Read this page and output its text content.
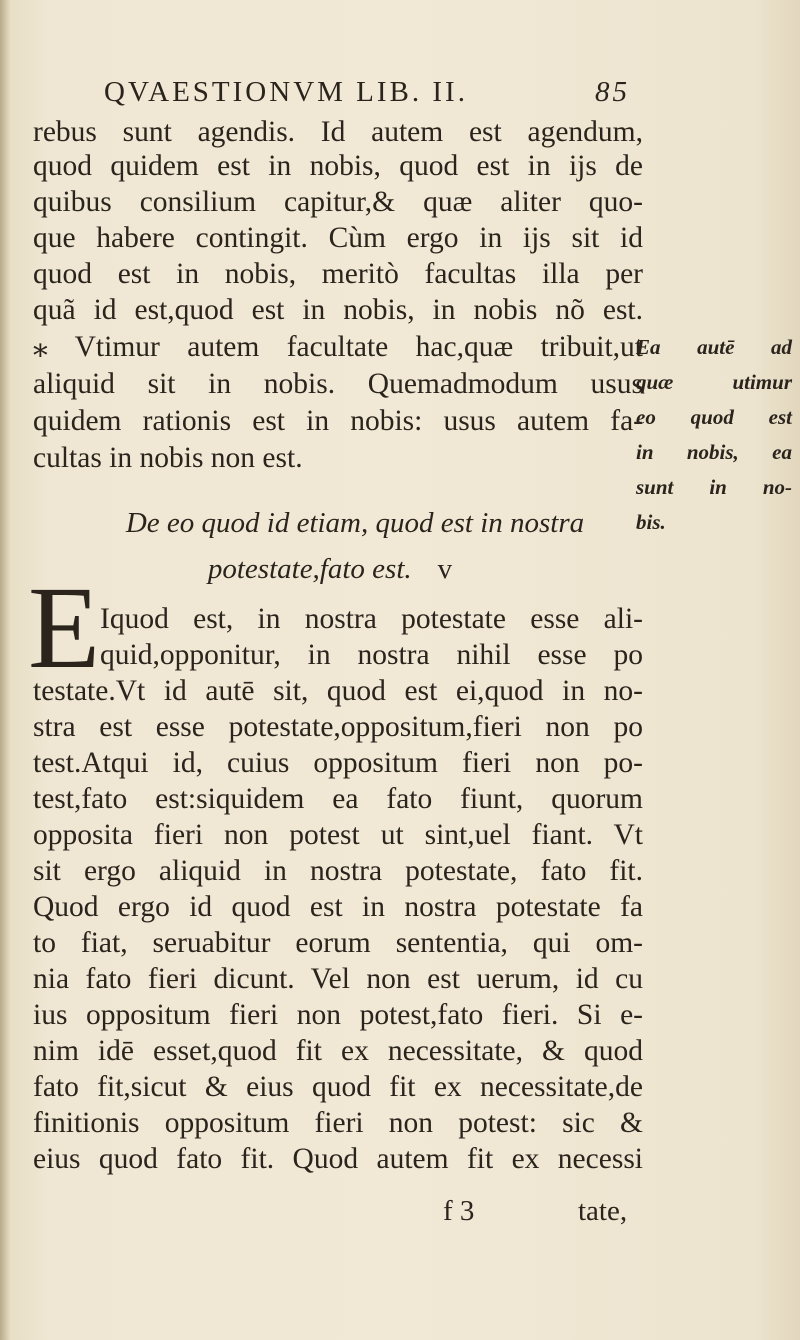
QVAESTIONVM LIB. II.	85
rebus sunt agendis. Id autem est agendum,
quod quidem est in nobis, quod est in ijs de
quibus consilium capitur,& quæ aliter quo-
que habere contingit. Cùm ergo in ijs sit id
quod est in nobis, meritò facultas illa per
quã id est,quod est in nobis, in nobis nõ est.
⁎ Vtimur autem facultate hac,quæ tribuit,ut
aliquid sit in nobis. Quemadmodum usus
quidem rationis est in nobis: usus autem fa-
cultas in nobis non est.
Ea autē ad
quæ utimur
eo quod est
in nobis, ea
sunt in no-
bis.
De eo quod id etiam, quod est in nostra
potestate,fato est. v
E Iquod est, in nostra potestate esse ali-
quid,opponitur, in nostra nihil esse po
testate.Vt id autē sit, quod est ei,quod in no-
stra est esse potestate,oppositum,fieri non po
test.Atqui id, cuius oppositum fieri non po-
test,fato est:siquidem ea fato fiunt, quorum
opposita fieri non potest ut sint,uel fiant. Vt
sit ergo aliquid in nostra potestate, fato fit.
Quod ergo id quod est in nostra potestate fa
to fiat, seruabitur eorum sententia, qui om-
nia fato fieri dicunt. Vel non est uerum, id cu
ius oppositum fieri non potest,fato fieri. Si e-
nim idē esset,quod fit ex necessitate, & quod
fato fit,sicut & eius quod fit ex necessitate,de
finitionis oppositum fieri non potest: sic &
eius quod fato fit. Quod autem fit ex necessi
f 3	tate,
